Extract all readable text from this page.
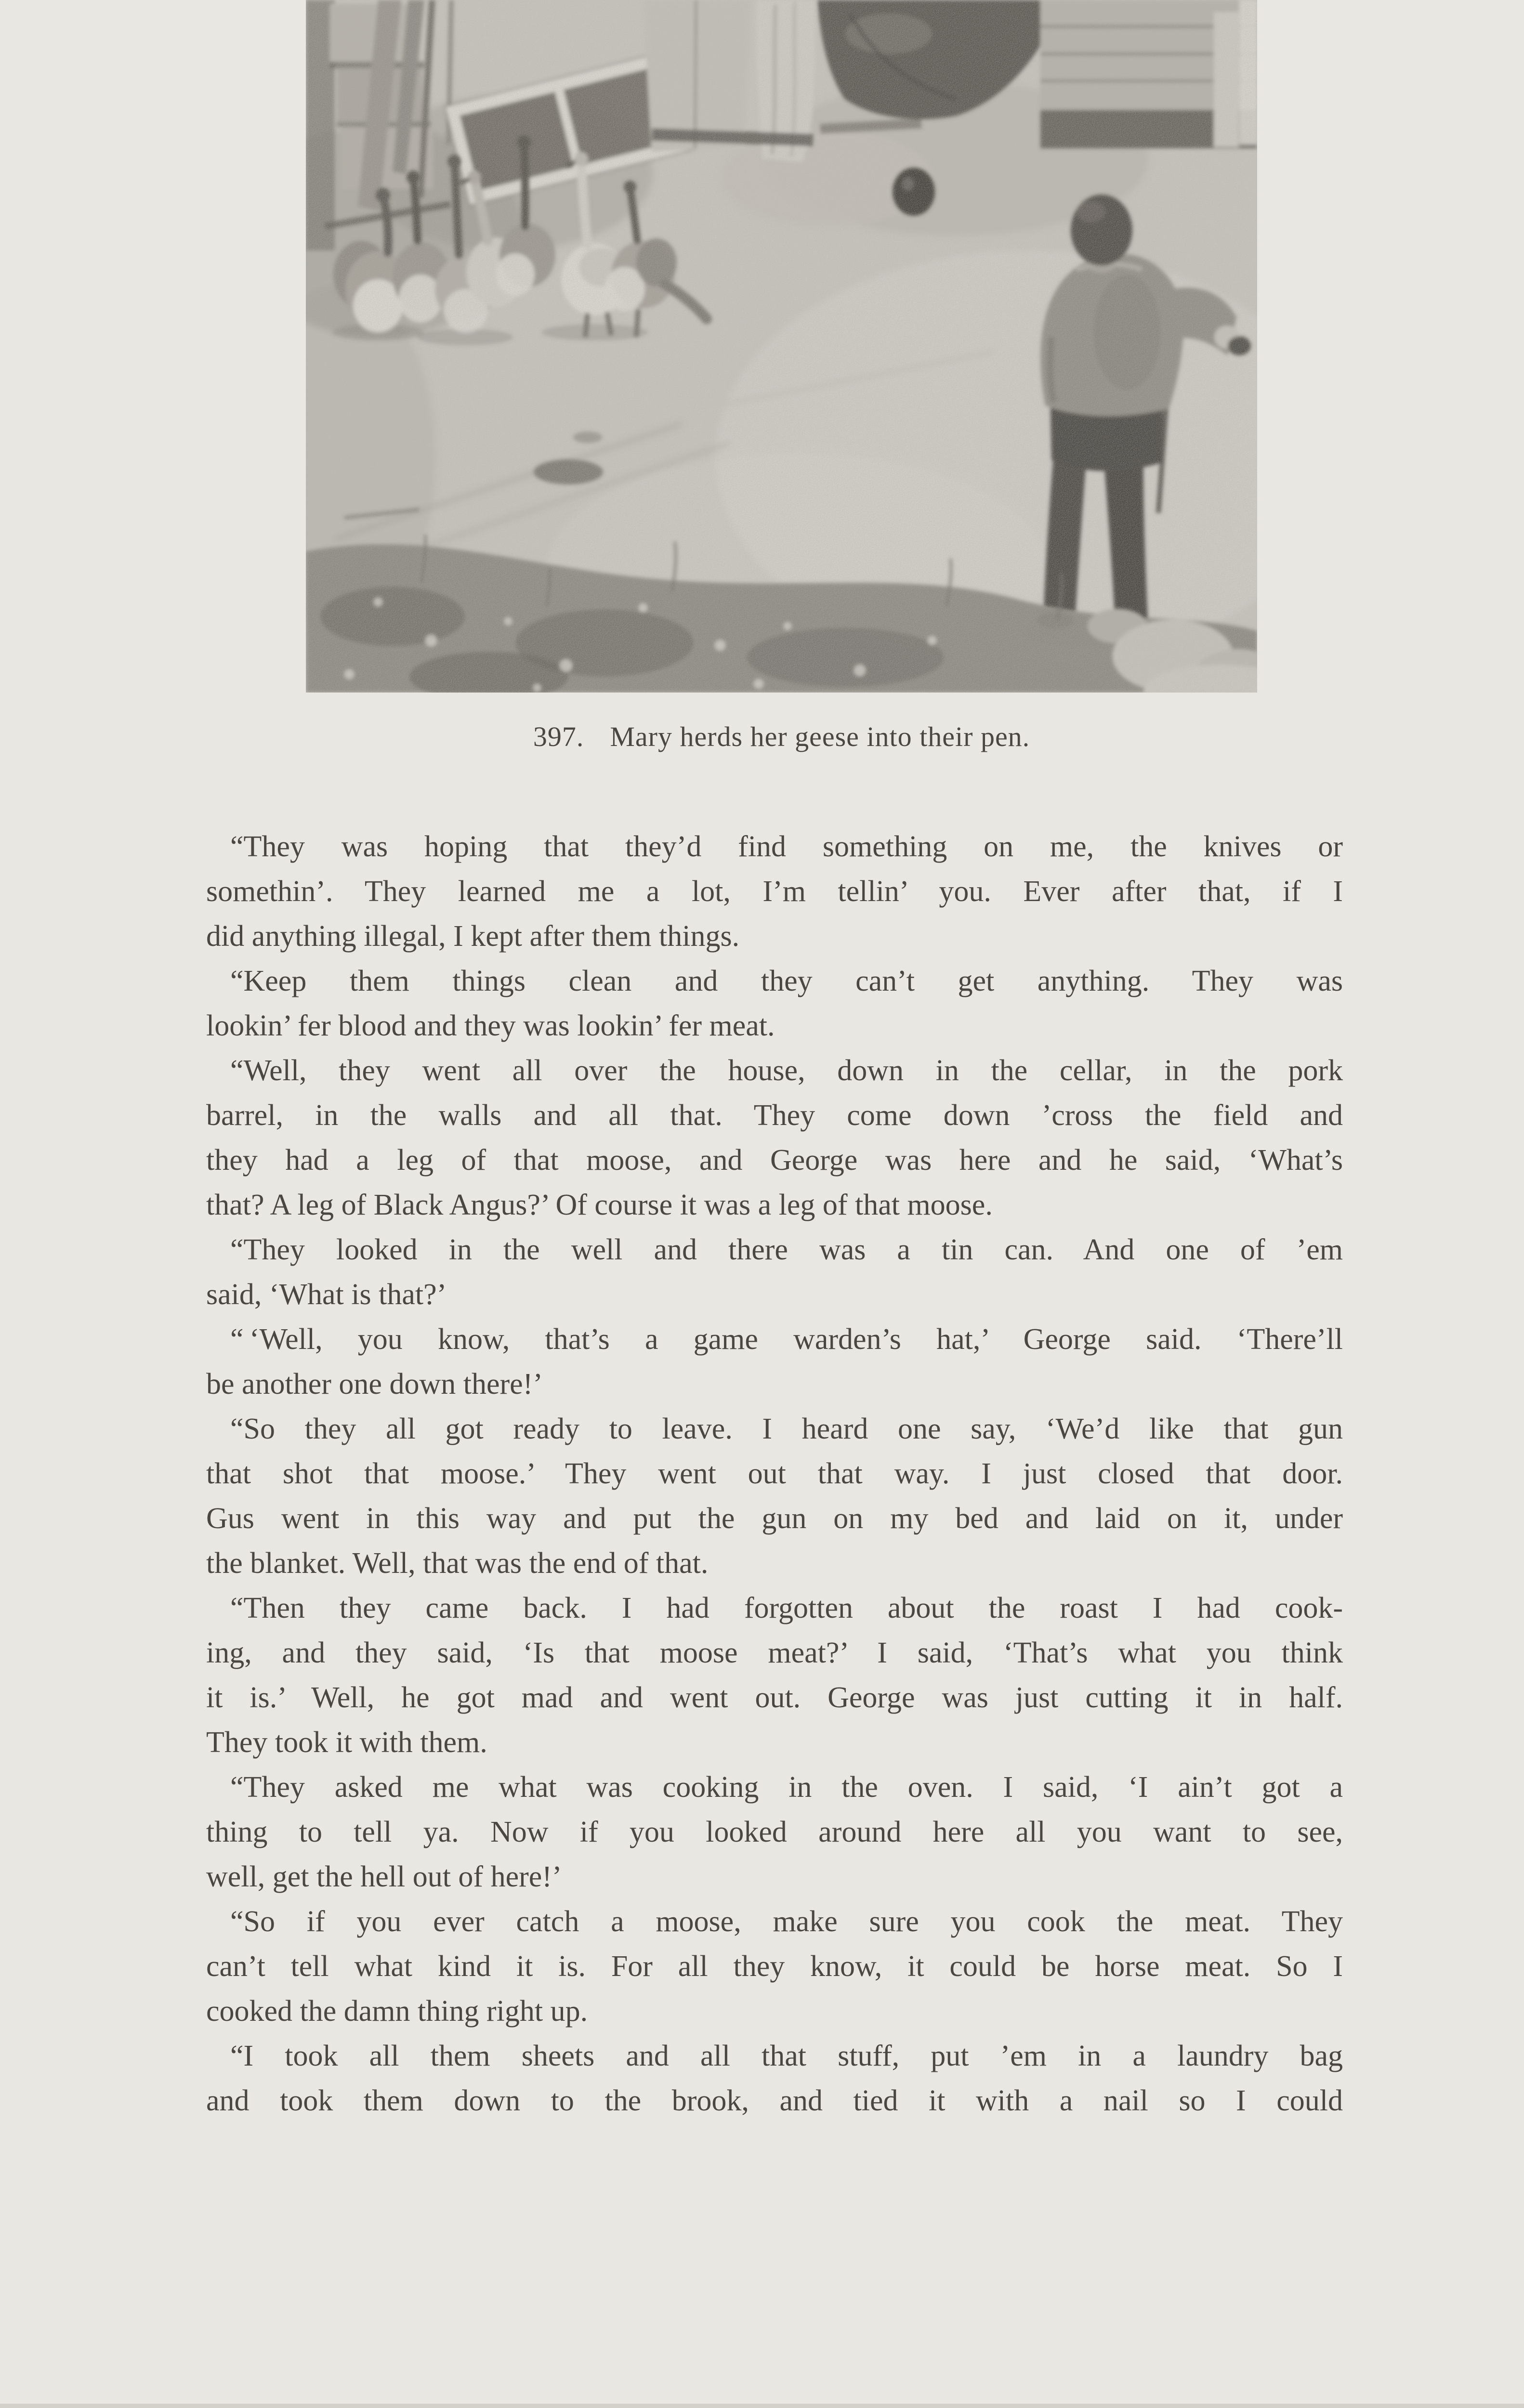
397. Mary herds her geese into their pen.
“They was hoping that they’d find something on me, the knives or
somethin’. They learned me a lot, I’m tellin’ you. Ever after that, if I
did anything illegal, I kept after them things.
“Keep them things clean and they can’t get anything. They was
lookin’ fer blood and they was lookin’ fer meat.
“Well, they went all over the house, down in the cellar, in the pork
barrel, in the walls and all that. They come down ’cross the field and
they had a leg of that moose, and George was here and he said, ‘What’s
that? A leg of Black Angus?’ Of course it was a leg of that moose.
“They looked in the well and there was a tin can. And one of ’em
said, ‘What is that?’
“ ‘Well, you know, that’s a game warden’s hat,’ George said. ‘There’ll
be another one down there!’
“So they all got ready to leave. I heard one say, ‘We’d like that gun
that shot that moose.’ They went out that way. I just closed that door.
Gus went in this way and put the gun on my bed and laid on it, under
the blanket. Well, that was the end of that.
“Then they came back. I had forgotten about the roast I had cook-
ing, and they said, ‘Is that moose meat?’ I said, ‘That’s what you think
it is.’ Well, he got mad and went out. George was just cutting it in half.
They took it with them.
“They asked me what was cooking in the oven. I said, ‘I ain’t got a
thing to tell ya. Now if you looked around here all you want to see,
well, get the hell out of here!’
“So if you ever catch a moose, make sure you cook the meat. They
can’t tell what kind it is. For all they know, it could be horse meat. So I
cooked the damn thing right up.
“I took all them sheets and all that stuff, put ’em in a laundry bag
and took them down to the brook, and tied it with a nail so I could
